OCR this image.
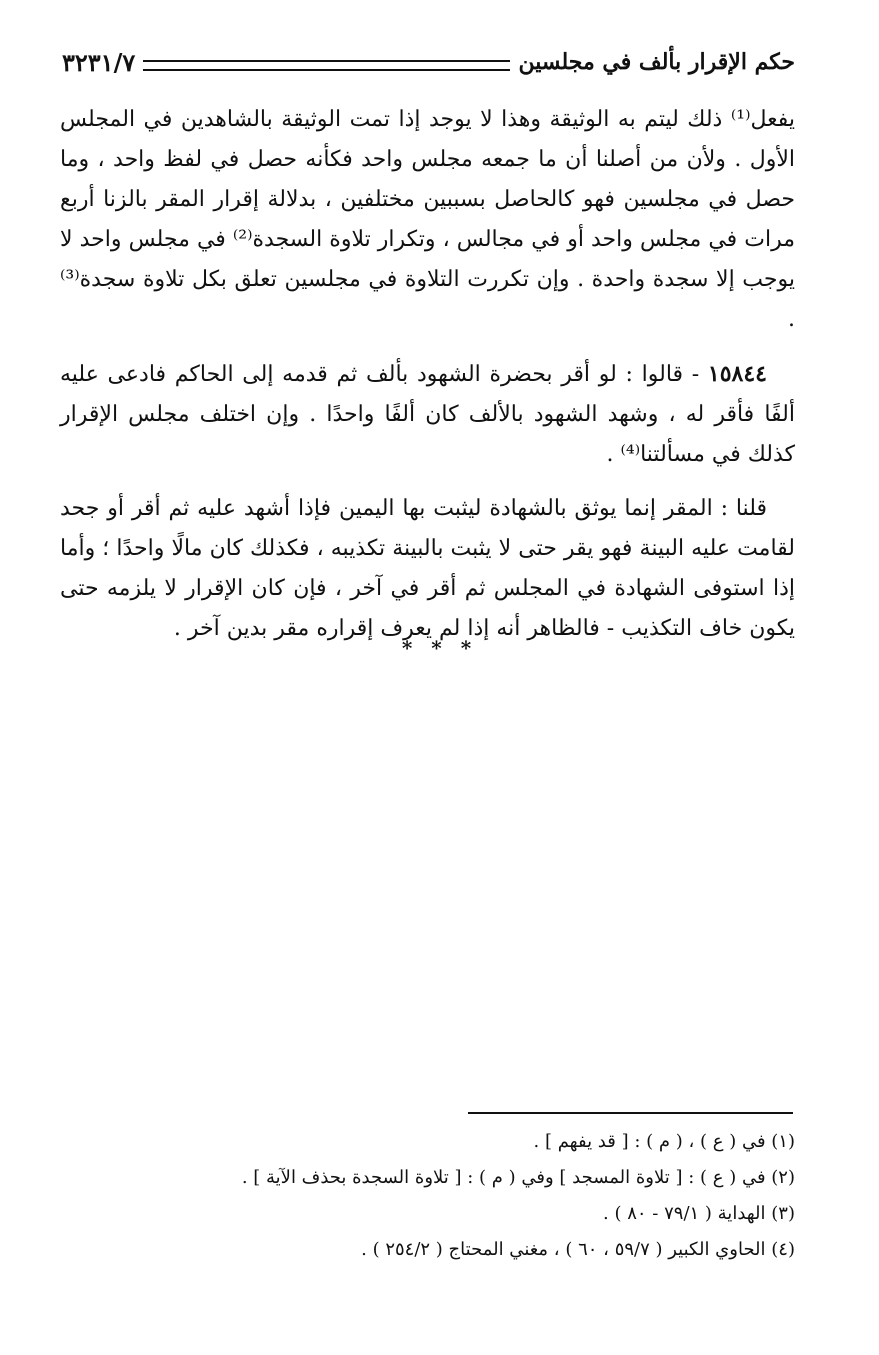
حكم الإقرار بألف في مجلسين
٣٢٣١/٧

يفعل⁽¹⁾ ذلك ليتم به الوثيقة وهذا لا يوجد إذا تمت الوثيقة بالشاهدين في المجلس الأول . ولأن من أصلنا أن ما جمعه مجلس واحد فكأنه حصل في لفظ واحد ، وما حصل في مجلسين فهو كالحاصل بسببين مختلفين ، بدلالة إقرار المقر بالزنا أربع مرات في مجلس واحد أو في مجالس ، وتكرار تلاوة السجدة⁽²⁾ في مجلس واحد لا يوجب إلا سجدة واحدة . وإن تكررت التلاوة في مجلسين تعلق بكل تلاوة سجدة⁽³⁾ .

١٥٨٤٤ - قالوا : لو أقر بحضرة الشهود بألف ثم قدمه إلى الحاكم فادعى عليه ألفًا فأقر له ، وشهد الشهود بالألف كان ألفًا واحدًا . وإن اختلف مجلس الإقرار كذلك في مسألتنا⁽⁴⁾ .

قلنا : المقر إنما يوثق بالشهادة ليثبت بها اليمين فإذا أشهد عليه ثم أقر أو جحد لقامت عليه البينة فهو يقر حتى لا يثبت بالبينة تكذيبه ، فكذلك كان مالًا واحدًا ؛ وأما إذا استوفى الشهادة في المجلس ثم أقر في آخر ، فإن كان الإقرار لا يلزمه حتى يكون خاف التكذيب - فالظاهر أنه إذا لم يعرف إقراره مقر بدين آخر .

* * *

(١) في ( ع ) ، ( م ) : [ قد يفهم ] .

(٢) في ( ع ) : [ تلاوة المسجد ] وفي ( م ) : [ تلاوة السجدة بحذف الآية ] .

(٣) الهداية ( ٧٩/١ - ٨٠ ) .

(٤) الحاوي الكبير ( ٥٩/٧ ، ٦٠ ) ، مغني المحتاج ( ٢٥٤/٢ ) .
